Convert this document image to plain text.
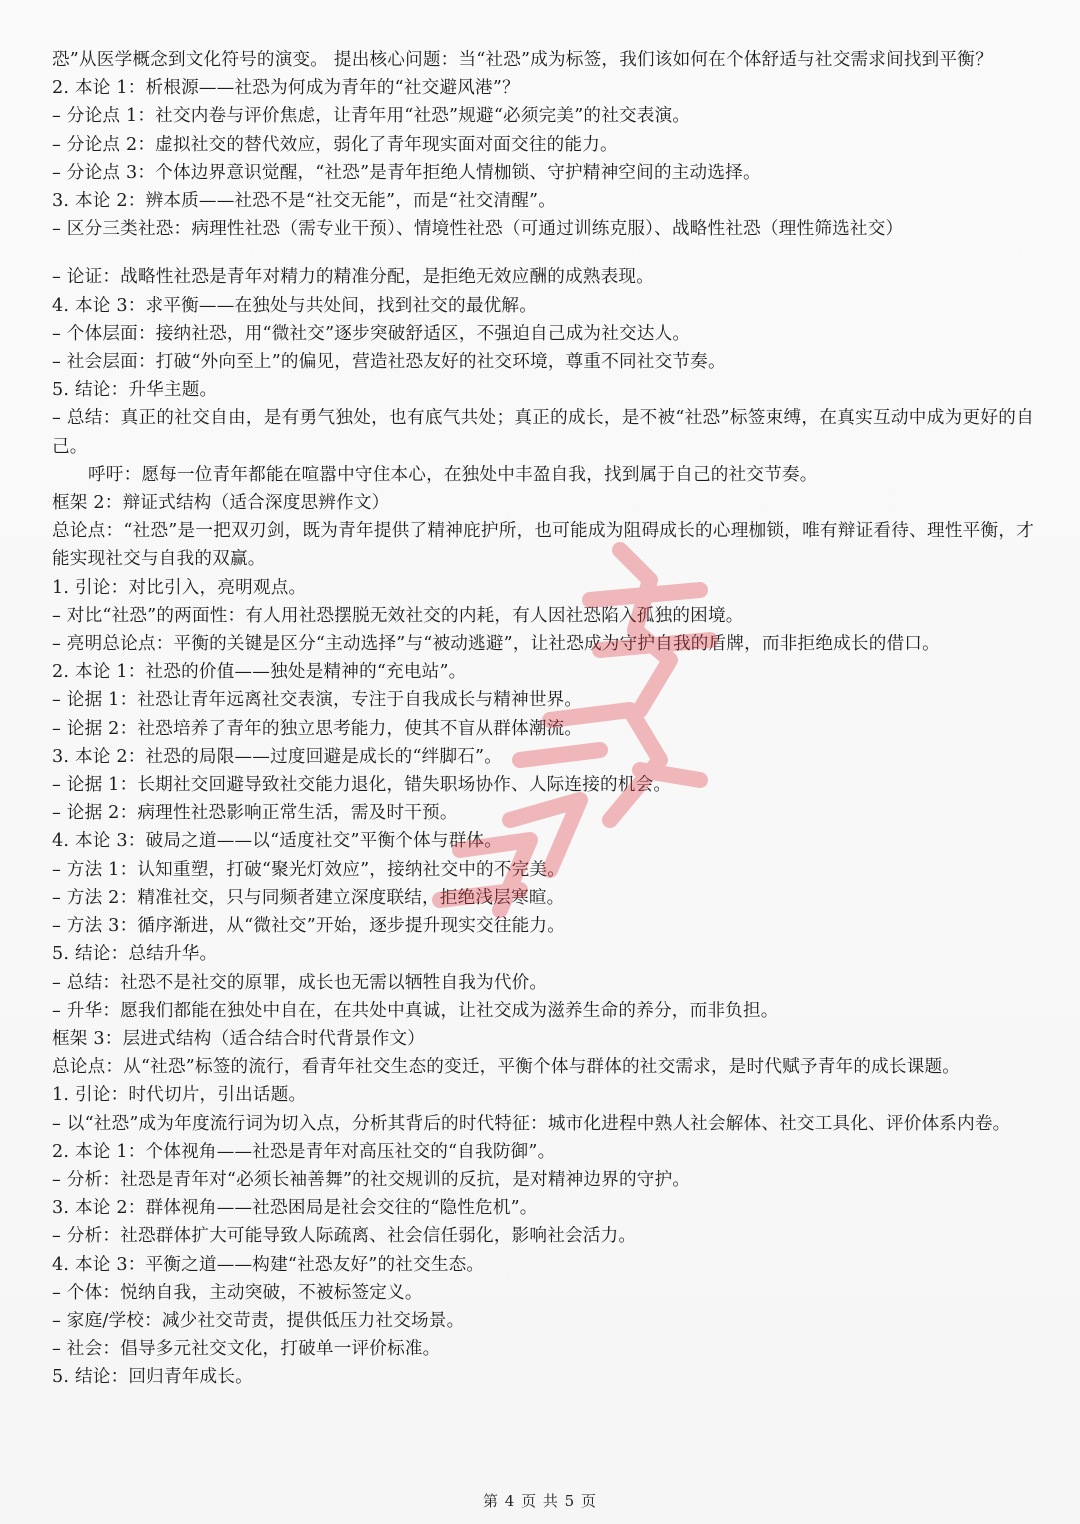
恐”从医学概念到文化符号的演变。 提出核心问题：当“社恐”成为标签，我们该如何在个体舒适与社交需求间找到平衡？
2. 本论 1：析根源——社恐为何成为青年的“社交避风港”？
– 分论点 1：社交内卷与评价焦虑，让青年用“社恐”规避“必须完美”的社交表演。
– 分论点 2：虚拟社交的替代效应，弱化了青年现实面对面交往的能力。
– 分论点 3：个体边界意识觉醒，“社恐”是青年拒绝人情枷锁、守护精神空间的主动选择。
3. 本论 2：辨本质——社恐不是“社交无能”，而是“社交清醒”。
– 区分三类社恐：病理性社恐（需专业干预）、情境性社恐（可通过训练克服）、战略性社恐（理性筛选社交）
– 论证：战略性社恐是青年对精力的精准分配，是拒绝无效应酬的成熟表现。
4. 本论 3：求平衡——在独处与共处间，找到社交的最优解。
– 个体层面：接纳社恐，用“微社交”逐步突破舒适区，不强迫自己成为社交达人。
– 社会层面：打破“外向至上”的偏见，营造社恐友好的社交环境，尊重不同社交节奏。
5. 结论：升华主题。
– 总结：真正的社交自由，是有勇气独处，也有底气共处；真正的成长，是不被“社恐”标签束缚，在真实互动中成为更好的自己。
呼吁：愿每一位青年都能在喧嚣中守住本心，在独处中丰盈自我，找到属于自己的社交节奏。
框架 2：辩证式结构（适合深度思辨作文）
总论点：“社恐”是一把双刃剑，既为青年提供了精神庇护所，也可能成为阻碍成长的心理枷锁，唯有辩证看待、理性平衡，才能实现社交与自我的双赢。
1. 引论：对比引入，亮明观点。
– 对比“社恐”的两面性：有人用社恐摆脱无效社交的内耗，有人因社恐陷入孤独的困境。
– 亮明总论点：平衡的关键是区分“主动选择”与“被动逃避”，让社恐成为守护自我的盾牌，而非拒绝成长的借口。
2. 本论 1：社恐的价值——独处是精神的“充电站”。
– 论据 1：社恐让青年远离社交表演，专注于自我成长与精神世界。
– 论据 2：社恐培养了青年的独立思考能力，使其不盲从群体潮流。
3. 本论 2：社恐的局限——过度回避是成长的“绊脚石”。
– 论据 1：长期社交回避导致社交能力退化，错失职场协作、人际连接的机会。
– 论据 2：病理性社恐影响正常生活，需及时干预。
4. 本论 3：破局之道——以“适度社交”平衡个体与群体。
– 方法 1：认知重塑，打破“聚光灯效应”，接纳社交中的不完美。
– 方法 2：精准社交，只与同频者建立深度联结，拒绝浅层寒暄。
– 方法 3：循序渐进，从“微社交”开始，逐步提升现实交往能力。
5. 结论：总结升华。
– 总结：社恐不是社交的原罪，成长也无需以牺牲自我为代价。
– 升华：愿我们都能在独处中自在，在共处中真诚，让社交成为滋养生命的养分，而非负担。
框架 3：层进式结构（适合结合时代背景作文）
总论点：从“社恐”标签的流行，看青年社交生态的变迁，平衡个体与群体的社交需求，是时代赋予青年的成长课题。
1. 引论：时代切片，引出话题。
– 以“社恐”成为年度流行词为切入点，分析其背后的时代特征：城市化进程中熟人社会解体、社交工具化、评价体系内卷。
2. 本论 1：个体视角——社恐是青年对高压社交的“自我防御”。
– 分析：社恐是青年对“必须长袖善舞”的社交规训的反抗，是对精神边界的守护。
3. 本论 2：群体视角——社恐困局是社会交往的“隐性危机”。
– 分析：社恐群体扩大可能导致人际疏离、社会信任弱化，影响社会活力。
4. 本论 3：平衡之道——构建“社恐友好”的社交生态。
– 个体：悦纳自我，主动突破，不被标签定义。
– 家庭/学校：减少社交苛责，提供低压力社交场景。
– 社会：倡导多元社交文化，打破单一评价标准。
5. 结论：回归青年成长。
第 4 页 共 5 页
